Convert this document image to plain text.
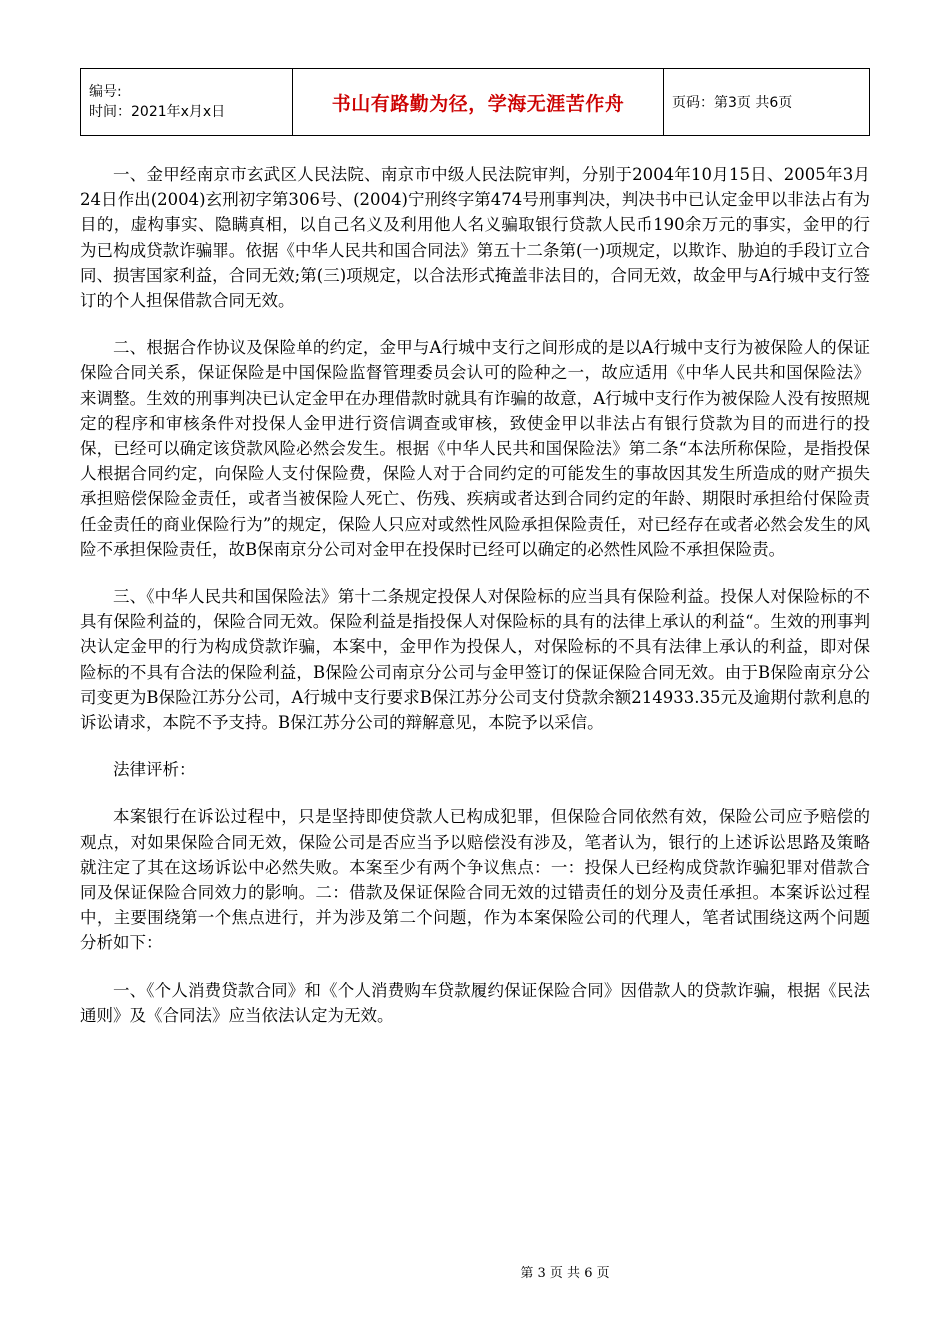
编号:
时间：2021年x月x日	书山有路勤为径，学海无涯苦作舟	页码：第3页 共6页

一、金甲经南京市玄武区人民法院、南京市中级人民法院审判，分别于2004年10月15日、2005年3月24日作出(2004)玄刑初字第306号、(2004)宁刑终字第474号刑事判决，判决书中已认定金甲以非法占有为目的，虚构事实、隐瞒真相，以自己名义及利用他人名义骗取银行贷款人民币190余万元的事实，金甲的行为已构成贷款诈骗罪。依据《中华人民共和国合同法》第五十二条第(一)项规定，以欺诈、胁迫的手段订立合同、损害国家利益，合同无效;第(三)项规定，以合法形式掩盖非法目的，合同无效，故金甲与A行城中支行签订的个人担保借款合同无效。

二、根据合作协议及保险单的约定，金甲与A行城中支行之间形成的是以A行城中支行为被保险人的保证保险合同关系，保证保险是中国保险监督管理委员会认可的险种之一，故应适用《中华人民共和国保险法》来调整。生效的刑事判决已认定金甲在办理借款时就具有诈骗的故意，A行城中支行作为被保险人没有按照规定的程序和审核条件对投保人金甲进行资信调查或审核，致使金甲以非法占有银行贷款为目的而进行的投保，已经可以确定该贷款风险必然会发生。根据《中华人民共和国保险法》第二条“本法所称保险，是指投保人根据合同约定，向保险人支付保险费，保险人对于合同约定的可能发生的事故因其发生所造成的财产损失承担赔偿保险金责任，或者当被保险人死亡、伤残、疾病或者达到合同约定的年龄、期限时承担给付保险责任金责任的商业保险行为”的规定，保险人只应对或然性风险承担保险责任，对已经存在或者必然会发生的风险不承担保险责任，故B保南京分公司对金甲在投保时已经可以确定的必然性风险不承担保险责。

三、《中华人民共和国保险法》第十二条规定投保人对保险标的应当具有保险利益。投保人对保险标的不具有保险利益的，保险合同无效。保险利益是指投保人对保险标的具有的法律上承认的利益“。生效的刑事判决认定金甲的行为构成贷款诈骗，本案中，金甲作为投保人，对保险标的不具有法律上承认的利益，即对保险标的不具有合法的保险利益，B保险公司南京分公司与金甲签订的保证保险合同无效。由于B保险南京分公司变更为B保险江苏分公司，A行城中支行要求B保江苏分公司支付贷款余额214933.35元及逾期付款利息的诉讼请求，本院不予支持。B保江苏分公司的辩解意见，本院予以采信。

法律评析：

本案银行在诉讼过程中，只是坚持即使贷款人已构成犯罪，但保险合同依然有效，保险公司应予赔偿的观点，对如果保险合同无效，保险公司是否应当予以赔偿没有涉及，笔者认为，银行的上述诉讼思路及策略就注定了其在这场诉讼中必然失败。本案至少有两个争议焦点：一：投保人已经构成贷款诈骗犯罪对借款合同及保证保险合同效力的影响。二：借款及保证保险合同无效的过错责任的划分及责任承担。本案诉讼过程中，主要围绕第一个焦点进行，并为涉及第二个问题，作为本案保险公司的代理人，笔者试围绕这两个问题分析如下：

一、《个人消费贷款合同》和《个人消费购车贷款履约保证保险合同》因借款人的贷款诈骗，根据《民法通则》及《合同法》应当依法认定为无效。

第 3 页 共 6 页
